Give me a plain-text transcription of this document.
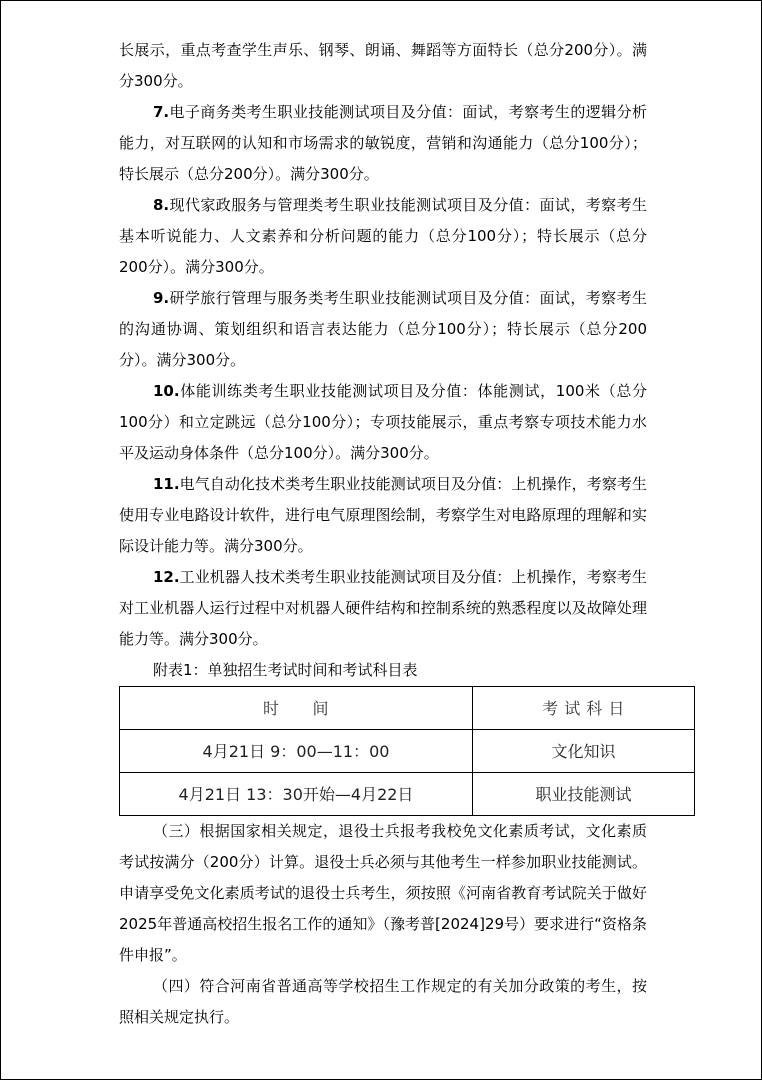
长展示，重点考查学生声乐、钢琴、朗诵、舞蹈等方面特长（总分200分）。满分300分。

7.电子商务类考生职业技能测试项目及分值：面试，考察考生的逻辑分析能力，对互联网的认知和市场需求的敏锐度，营销和沟通能力（总分100分）；特长展示（总分200分）。满分300分。

8.现代家政服务与管理类考生职业技能测试项目及分值：面试，考察考生基本听说能力、人文素养和分析问题的能力（总分100分）；特长展示（总分200分）。满分300分。

9.研学旅行管理与服务类考生职业技能测试项目及分值：面试，考察考生的沟通协调、策划组织和语言表达能力（总分100分）；特长展示（总分200分）。满分300分。

10.体能训练类考生职业技能测试项目及分值：体能测试，100米（总分100分）和立定跳远（总分100分）；专项技能展示，重点考察专项技术能力水平及运动身体条件（总分100分）。满分300分。

11.电气自动化技术类考生职业技能测试项目及分值：上机操作，考察考生使用专业电路设计软件，进行电气原理图绘制，考察学生对电路原理的理解和实际设计能力等。满分300分。

12.工业机器人技术类考生职业技能测试项目及分值：上机操作，考察考生对工业机器人运行过程中对机器人硬件结构和控制系统的熟悉程度以及故障处理能力等。满分300分。

附表1：单独招生考试时间和考试科目表

时　　间	考 试 科 日
4月21日 9：00—11：00	文化知识
4月21日 13：30开始—4月22日	职业技能测试

（三）根据国家相关规定，退役士兵报考我校免文化素质考试，文化素质考试按满分（200分）计算。退役士兵必须与其他考生一样参加职业技能测试。申请享受免文化素质考试的退役士兵考生，须按照《河南省教育考试院关于做好2025年普通高校招生报名工作的通知》（豫考普[2024]29号）要求进行“资格条件申报”。

（四）符合河南省普通高等学校招生工作规定的有关加分政策的考生，按照相关规定执行。
